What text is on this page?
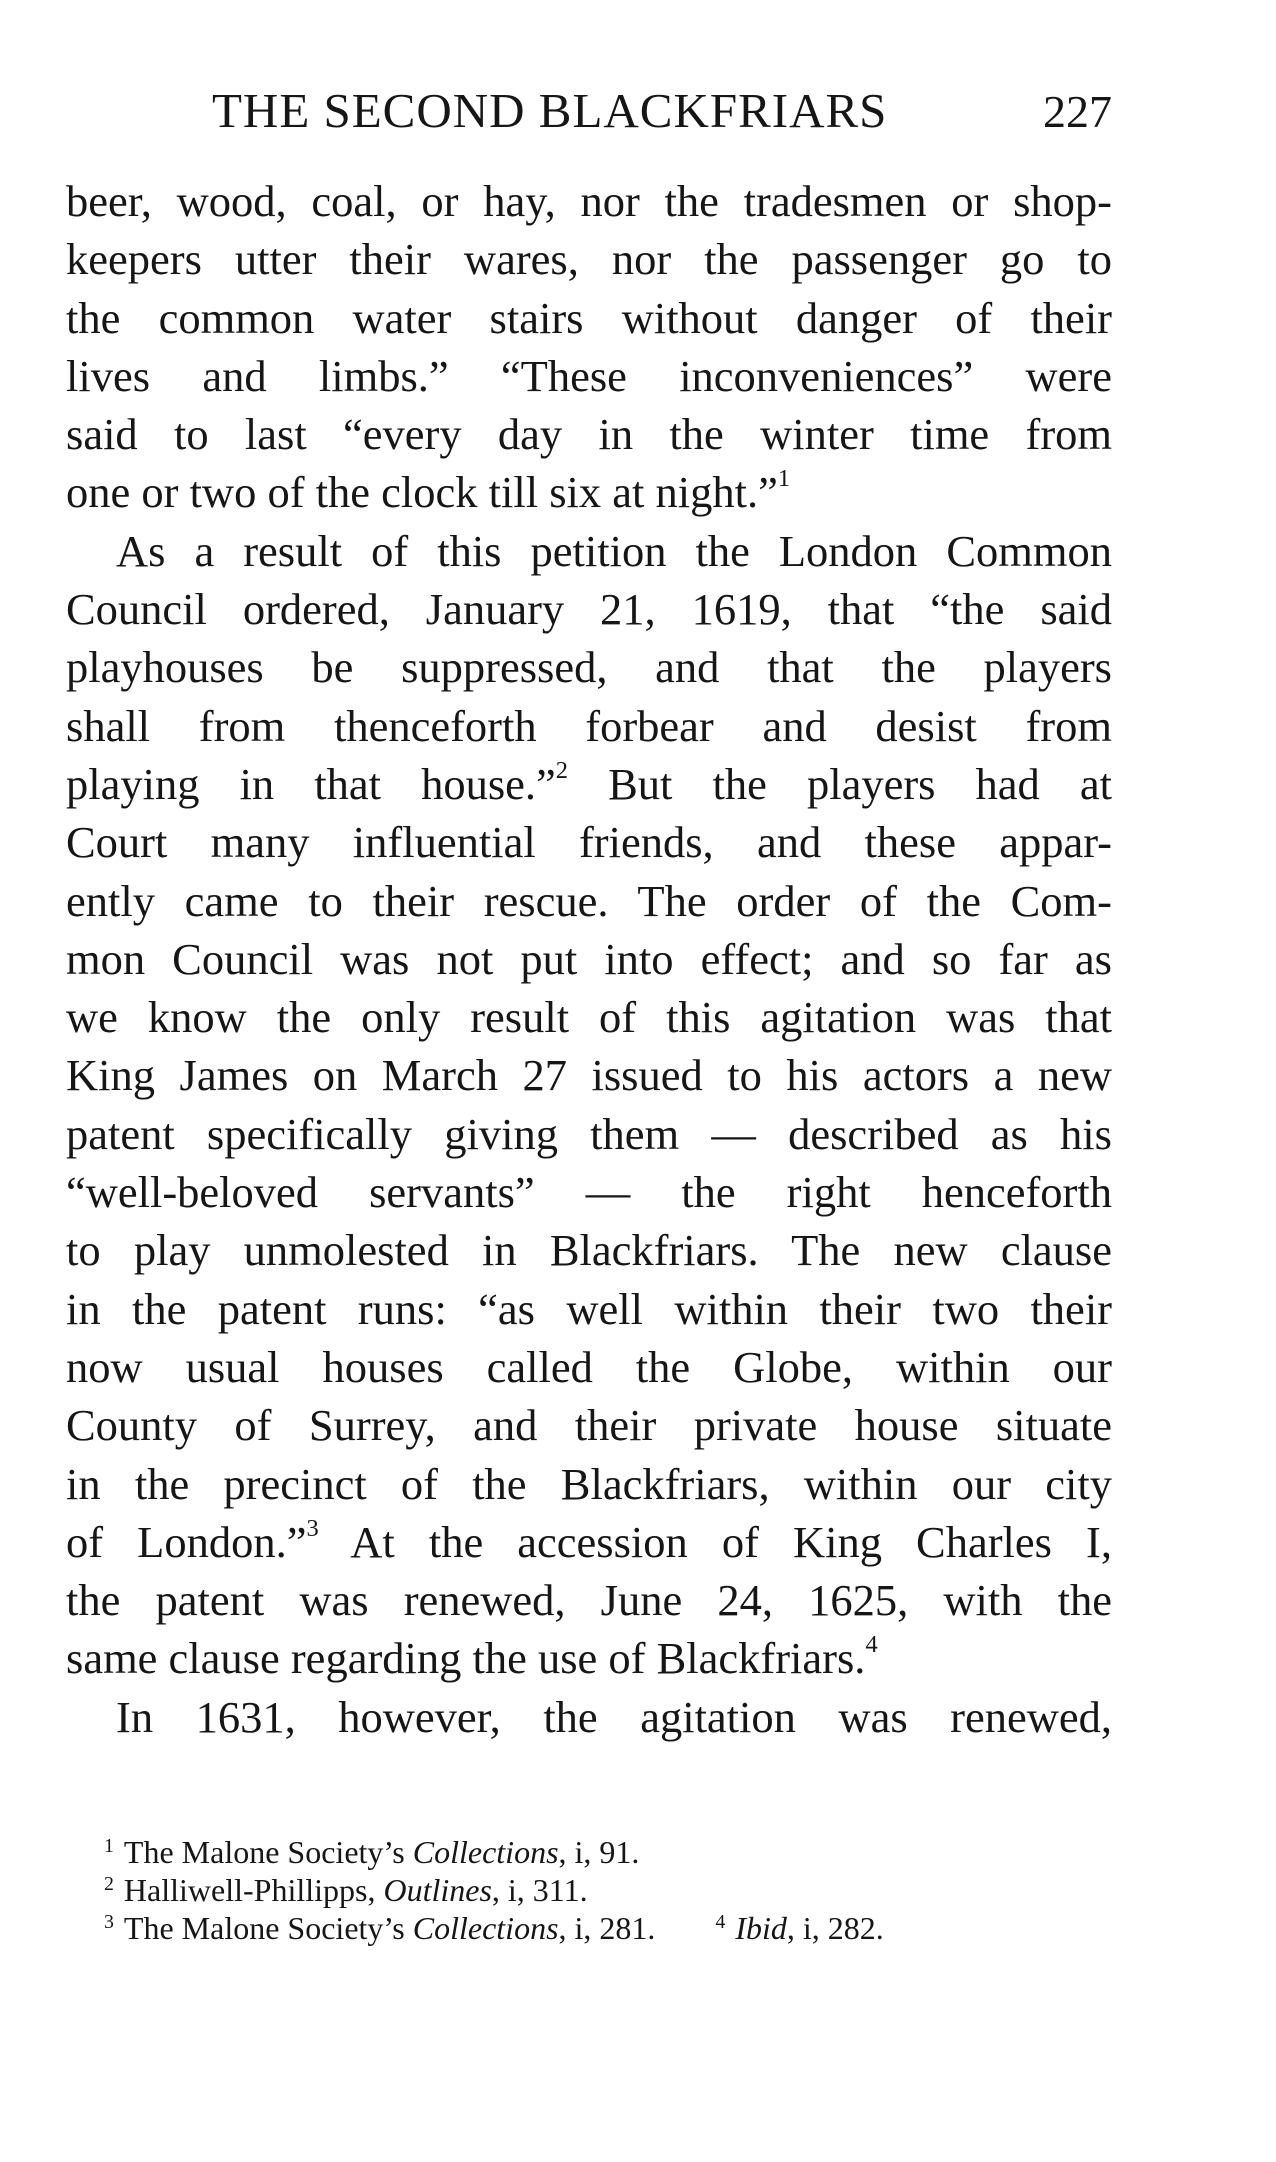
THE SECOND BLACKFRIARS	227
beer, wood, coal, or hay, nor the tradesmen or shop-
keepers utter their wares, nor the passenger go to
the common water stairs without danger of their
lives and limbs.” “These inconveniences” were
said to last “every day in the winter time from
one or two of the clock till six at night.”$^1$
As a result of this petition the London Common
Council ordered, January 21, 1619, that “the said
playhouses be suppressed, and that the players
shall from thenceforth forbear and desist from
playing in that house.”$^2$ But the players had at
Court many influential friends, and these appar-
ently came to their rescue. The order of the Com-
mon Council was not put into effect; and so far as
we know the only result of this agitation was that
King James on March 27 issued to his actors a new
patent specifically giving them — described as his
“well-beloved servants” — the right henceforth
to play unmolested in Blackfriars. The new clause
in the patent runs: “as well within their two their
now usual houses called the Globe, within our
County of Surrey, and their private house situate
in the precinct of the Blackfriars, within our city
of London.”$^3$ At the accession of King Charles I,
the patent was renewed, June 24, 1625, with the
same clause regarding the use of Blackfriars.$^4$
In 1631, however, the agitation was renewed,
$^1$ The Malone Society’s Collections, i, 91.
$^2$ Halliwell-Phillipps, Outlines, i, 311.
$^3$ The Malone Society’s Collections, i, 281.	$^4$ Ibid, i, 282.
